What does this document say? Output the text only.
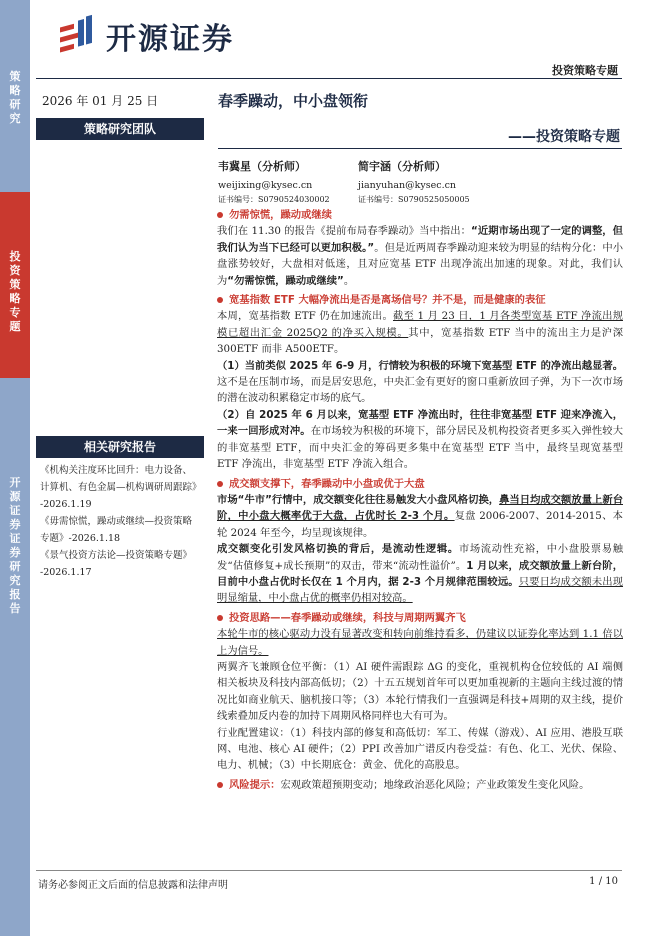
策
略
研
究
投
资
策
略
专
题
开
源
证
券
证
券
研
究
报
告
开源证券
投资策略专题
2026 年 01 月 25 日	春季躁动，中小盘领衔
策略研究团队	——投资策略专题
韦冀星（分析师）
weijixing@kysec.cn
证书编号：S0790524030002
简宇涵（分析师）
jianyuhan@kysec.cn
证书编号：S0790525050005
相关研究报告
《机构关注度环比回升：电力设备、
计算机、有色金属—机构调研周跟踪》
-2026.1.19
《毋需惊慌，躁动或继续—投资策略
专题》-2026.1.18
《景气投资方法论—投资策略专题》
-2026.1.17
勿需惊慌，躁动或继续

我们在 11.30 的报告《提前布局春季躁动》当中指出：“近期市场出现了一定的调整，但我们认为当下已经可以更加积极。”。但是近两周春季躁动迎来较为明显的结构分化：中小盘涨势较好，大盘相对低迷，且对应宽基 ETF 出现净流出加速的现象。对此，我们认为“勿需惊慌，躁动或继续”。

宽基指数 ETF 大幅净流出是否是离场信号？并不是，而是健康的表征

本周，宽基指数 ETF 仍在加速流出。截至 1 月 23 日，1 月各类型宽基 ETF 净流出规模已超出汇金 2025Q2 的净买入规模。其中，宽基指数 ETF 当中的流出主力是沪深 300ETF 而非 A500ETF。

（1）当前类似 2025 年 6-9 月，行情较为积极的环境下宽基型 ETF 的净流出越显著。这不是在压制市场，而是居安思危，中央汇金有更好的窗口重新放回子弹，为下一次市场的潜在波动积累稳定市场的底气。

（2）自 2025 年 6 月以来，宽基型 ETF 净流出时，往往非宽基型 ETF 迎来净流入，一来一回形成对冲。在市场较为积极的环境下，部分居民及机构投资者更多买入弹性较大的非宽基型 ETF，而中央汇金的筹码更多集中在宽基型 ETF 当中，最终呈现宽基型 ETF 净流出，非宽基型 ETF 净流入组合。

成交额支撑下，春季躁动中小盘或优于大盘

市场“牛市”行情中，成交额变化往往易触发大小盘风格切换，鼻当日均成交额放量上新台阶，中小盘大概率优于大盘，占优时长 2-3 个月。复盘 2006-2007、2014-2015、本轮 2024 年至今，均呈现该规律。

成交额变化引发风格切换的背后，是流动性逻辑。市场流动性充裕，中小盘股票易触发“估值修复+成长预期”的双击，带来“流动性溢价”。1 月以来，成交额放量上新台阶，目前中小盘占优时长仅在 1 个月内，据 2-3 个月规律范围较远。只要日均成交额未出现明显缩量，中小盘占优的概率仍相对较高。

投资思路——春季躁动或继续，科技与周期两翼齐飞

本轮牛市的核心驱动力没有显著改变和转向前维持看多，仍建议以证券化率达到 1.1 倍以上为信号。

两翼齐飞兼顾仓位平衡：（1）AI 硬件需跟踪 ΔG 的变化，重视机构仓位较低的 AI 端侧相关板块及科技内部高低切；（2）十五五规划首年可以更加重视新的主题向主线过渡的情况比如商业航天、脑机接口等；（3）本轮行情我们一直强调是科技+周期的双主线，提价线索叠加反内卷的加持下周期风格同样也大有可为。

行业配置建议：（1）科技内部的修复和高低切：军工、传媒（游戏）、AI 应用、港股互联网、电池、核心 AI 硬件；（2）PPI 改善加广谱反内卷受益：有色、化工、光伏、保险、电力、机械；（3）中长期底仓：黄金、优化的高股息。

风险提示：宏观政策超预期变动；地缘政治恶化风险；产业政策发生变化风险。

请务必参阅正文后面的信息披露和法律声明	1 / 10
